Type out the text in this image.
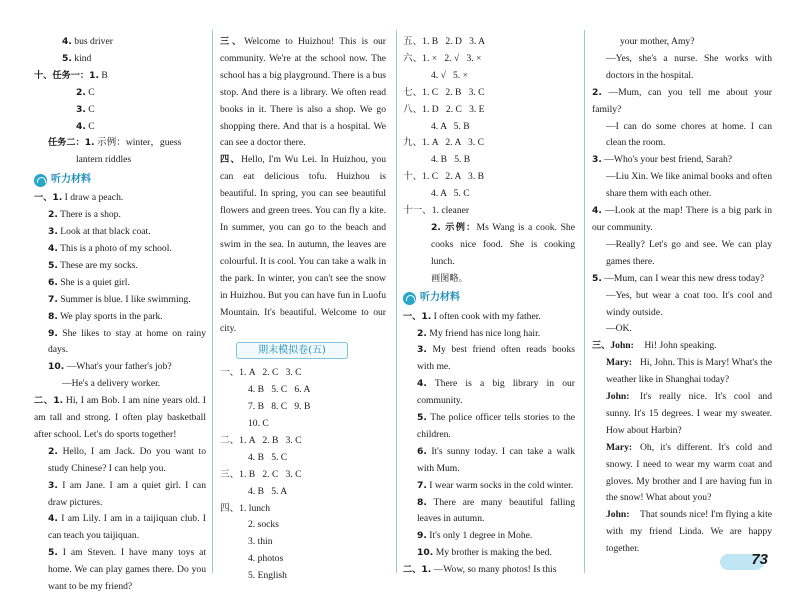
4. bus driver
5. kind
十、任务一：1. B
2. C
3. C
4. C
任务二：1. 示例：winter，guess
lantern riddles
听力材料
一、1. I draw a peach.
2. There is a shop.
3. Look at that black coat.
4. This is a photo of my school.
5. These are my socks.
6. She is a quiet girl.
7. Summer is blue. I like swimming.
8. We play sports in the park.
9. She likes to stay at home on rainy days.
10. —What's your father's job?
—He's a delivery worker.
二、1. Hi, I am Bob. I am nine years old. I am tall and strong. I often play basketball after school. Let's do sports together!
2. Hello, I am Jack. Do you want to study Chinese? I can help you.
3. I am Jane. I am a quiet girl. I can draw pictures.
4. I am Lily. I am in a taijiquan club. I can teach you taijiquan.
5. I am Steven. I have many toys at home. We can play games there. Do you want to be my friend?
三、Welcome to Huizhou! This is our community. We're at the school now. The school has a big playground. There is a bus stop. And there is a library. We often read books in it. There is also a shop. We go shopping there. And that is a hospital. We can see a doctor there.
四、Hello, I'm Wu Lei. In Huizhou, you can eat delicious tofu. Huizhou is beautiful. In spring, you can see beautiful flowers and green trees. You can fly a kite. In summer, you can go to the beach and swim in the sea. In autumn, the leaves are colourful. It is cool. You can take a walk in the park. In winter, you can't see the snow in Huizhou. But you can have fun in Luofu Mountain. It's beautiful. Welcome to our city.
期末模拟卷(五)
一、1. A   2. C   3. C
4. B   5. C   6. A
7. B   8. C   9. B
10. C
二、1. A   2. B   3. C
4. B   5. C
三、1. B   2. C   3. C
4. B   5. A
四、1. lunch
2. socks
3. thin
4. photos
5. English
五、1. B   2. D   3. A
六、1. ×   2. √   3. ×
4. √   5. ×
七、1. C   2. B   3. C
八、1. D   2. C   3. E
4. A   5. B
九、1. A   2. A   3. C
4. B   5. B
十、1. C   2. A   3. B
4. A   5. C
十一、1. cleaner
2. 示例：Ms Wang is a cook. She cooks nice food. She is cooking lunch.
画图略。
听力材料
一、1. I often cook with my father.
2. My friend has nice long hair.
3. My best friend often reads books with me.
4. There is a big library in our community.
5. The police officer tells stories to the children.
6. It's sunny today. I can take a walk with Mum.
7. I wear warm socks in the cold winter.
8. There are many beautiful falling leaves in autumn.
9. It's only 1 degree in Mohe.
10. My brother is making the bed.
二、1. —Wow, so many photos! Is this
your mother, Amy?
—Yes, she's a nurse. She works with doctors in the hospital.
2. —Mum, can you tell me about your family?
—I can do some chores at home. I can clean the room.
3. —Who's your best friend, Sarah?
—Liu Xin. We like animal books and often share them with each other.
4. —Look at the map! There is a big park in our community.
—Really? Let's go and see. We can play games there.
5. —Mum, can I wear this new dress today?
—Yes, but wear a coat too. It's cool and windy outside.
—OK.
三、John: Hi! John speaking.
Mary: Hi, John. This is Mary! What's the weather like in Shanghai today?
John: It's really nice. It's cool and sunny. It's 15 degrees. I wear my sweater. How about Harbin?
Mary: Oh, it's different. It's cold and snowy. I need to wear my warm coat and gloves. My brother and I are having fun in the snow! What about you?
John: That sounds nice! I'm flying a kite with my friend Linda. We are happy together.
73
